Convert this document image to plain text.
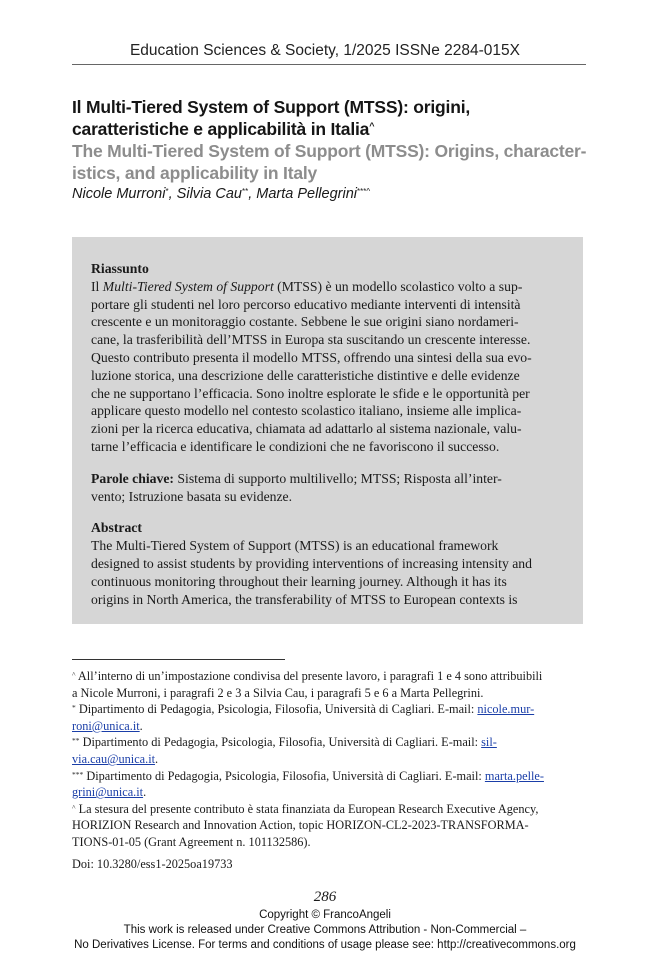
Education Sciences & Society, 1/2025 ISSNe 2284-015X

Il Multi-Tiered System of Support (MTSS): origini, caratteristiche e applicabilità in Italia^

The Multi-Tiered System of Support (MTSS): Origins, character-

istics, and applicability in Italy

Nicole Murroni*, Silvia Cau**, Marta Pellegrini***^

Riassunto

Il Multi-Tiered System of Support (MTSS) è un modello scolastico volto a sup-

portare gli studenti nel loro percorso educativo mediante interventi di intensità

crescente e un monitoraggio costante. Sebbene le sue origini siano nordameri-

cane, la trasferibilità dell’MTSS in Europa sta suscitando un crescente interesse.

Questo contributo presenta il modello MTSS, offrendo una sintesi della sua evo-

luzione storica, una descrizione delle caratteristiche distintive e delle evidenze

che ne supportano l’efficacia. Sono inoltre esplorate le sfide e le opportunità per

applicare questo modello nel contesto scolastico italiano, insieme alle implica-

zioni per la ricerca educativa, chiamata ad adattarlo al sistema nazionale, valu-

tarne l’efficacia e identificare le condizioni che ne favoriscono il successo.

Parole chiave: Sistema di supporto multilivello; MTSS; Risposta all’inter-
vento; Istruzione basata su evidenze.

Abstract

The Multi-Tiered System of Support (MTSS) is an educational framework

designed to assist students by providing interventions of increasing intensity and

continuous monitoring throughout their learning journey. Although it has its

origins in North America, the transferability of MTSS to European contexts is

^ All’interno di un’impostazione condivisa del presente lavoro, i paragrafi 1 e 4 sono attribuibili
a Nicole Murroni, i paragrafi 2 e 3 a Silvia Cau, i paragrafi 5 e 6 a Marta Pellegrini.

* Dipartimento di Pedagogia, Psicologia, Filosofia, Università di Cagliari. E-mail: nicole.mur-
roni@unica.it.

** Dipartimento di Pedagogia, Psicologia, Filosofia, Università di Cagliari. E-mail: sil-
via.cau@unica.it.

*** Dipartimento di Pedagogia, Psicologia, Filosofia, Università di Cagliari. E-mail: marta.pelle-
grini@unica.it.

^ La stesura del presente contributo è stata finanziata da European Research Executive Agency,
HORIZION Research and Innovation Action, topic HORIZON-CL2-2023-TRANSFORMA-
TIONS-01-05 (Grant Agreement n. 101132586).

Doi: 10.3280/ess1-2025oa19733
286
Copyright © FrancoAngeli
This work is released under Creative Commons Attribution - Non-Commercial –
No Derivatives License. For terms and conditions of usage please see: http://creativecommons.org
